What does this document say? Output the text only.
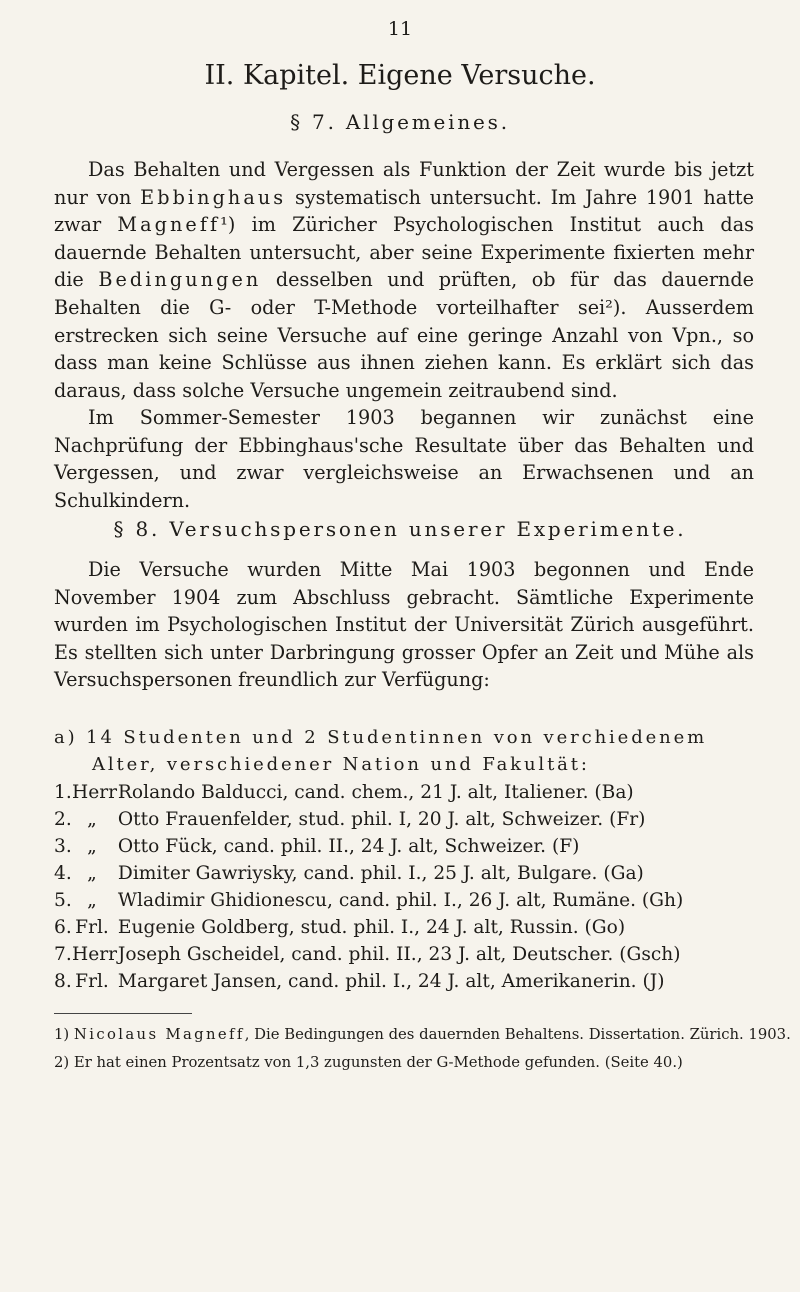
11
II. Kapitel. Eigene Versuche.
§ 7. Allgemeines.

Das Behalten und Vergessen als Funktion der Zeit wurde bis jetzt nur von Ebbinghaus systematisch untersucht. Im Jahre 1901 hatte zwar Magneff¹) im Züricher Psychologischen Institut auch das dauernde Behalten untersucht, aber seine Experimente fixierten mehr die Bedingungen desselben und prüften, ob für das dauernde Behalten die G- oder T-Methode vorteilhafter sei²). Ausserdem erstrecken sich seine Versuche auf eine geringe Anzahl von Vpn., so dass man keine Schlüsse aus ihnen ziehen kann. Es erklärt sich das daraus, dass solche Versuche ungemein zeitraubend sind.

Im Sommer-Semester 1903 begannen wir zunächst eine Nachprüfung der Ebbinghaus'sche Resultate über das Behalten und Vergessen, und zwar vergleichsweise an Erwachsenen und an Schulkindern.

§ 8. Versuchspersonen unserer Experimente.

Die Versuche wurden Mitte Mai 1903 begonnen und Ende November 1904 zum Abschluss gebracht. Sämtliche Experimente wurden im Psychologischen Institut der Universität Zürich ausgeführt. Es stellten sich unter Darbringung grosser Opfer an Zeit und Mühe als Versuchspersonen freundlich zur Verfügung:

a) 14 Studenten und 2 Studentinnen von verchiedenem
Alter, verschiedener Nation und Fakultät:
1.Herr Rolando Balducci, cand. chem., 21 J. alt, Italiener. (Ba)
2. „ Otto Frauenfelder, stud. phil. I, 20 J. alt, Schweizer. (Fr)
3. „ Otto Fück, cand. phil. II., 24 J. alt, Schweizer. (F)
4. „ Dimiter Gawriysky, cand. phil. I., 25 J. alt, Bulgare. (Ga)
5. „ Wladimir Ghidionescu, cand. phil. I., 26 J. alt, Rumäne. (Gh)
6. Frl. Eugenie Goldberg, stud. phil. I., 24 J. alt, Russin. (Go)
7.Herr Joseph Gscheidel, cand. phil. II., 23 J. alt, Deutscher. (Gsch)
8. Frl. Margaret Jansen, cand. phil. I., 24 J. alt, Amerikanerin. (J)
1) Nicolaus Magneff, Die Bedingungen des dauernden Behaltens. Dissertation. Zürich. 1903.
2) Er hat einen Prozentsatz von 1,3 zugunsten der G-Methode gefunden. (Seite 40.)
